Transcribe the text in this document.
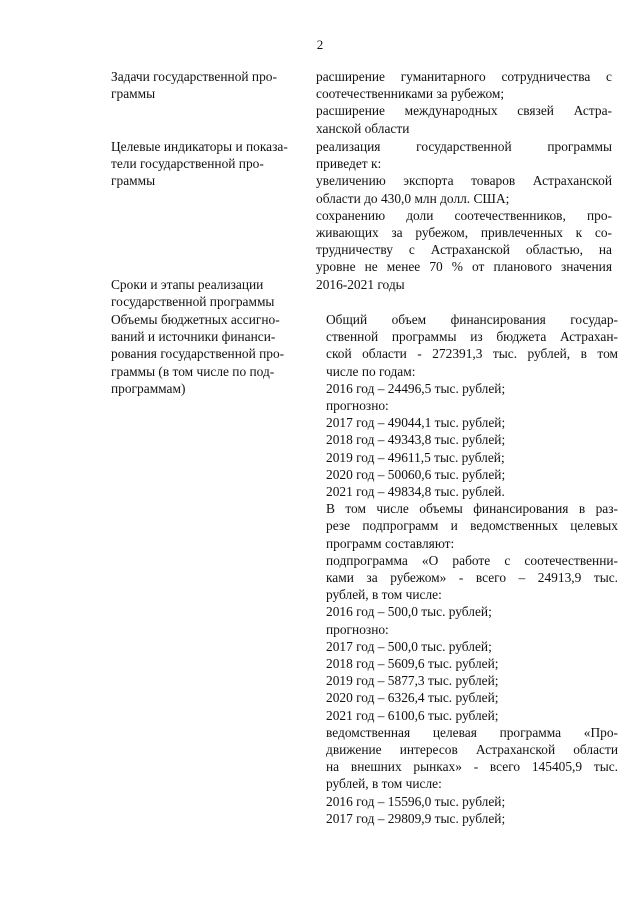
2
Задачи государственной про-
граммы
расширение гуманитарного сотрудничества с
соотечественниками за рубежом;
расширение международных связей Астра-
ханской области
Целевые индикаторы и показа-
тели государственной про-
граммы
реализация государственной программы
приведет к:
увеличению экспорта товаров Астраханской
области до 430,0 млн долл. США;
сохранению доли соотечественников, про-
живающих за рубежом, привлеченных к со-
трудничеству с Астраханской областью, на
уровне не менее 70 % от планового значения
Сроки и этапы реализации
государственной программы
2016-2021 годы
Объемы бюджетных ассигно-
ваний и источники финанси-
рования государственной про-
граммы (в том числе по под-
программам)
Общий объем финансирования государ-
ственной программы из бюджета Астрахан-
ской области - 272391,3 тыс. рублей, в том
числе по годам:
2016 год – 24496,5 тыс. рублей;
прогнозно:
2017 год – 49044,1 тыс. рублей;
2018 год – 49343,8 тыс. рублей;
2019 год – 49611,5 тыс. рублей;
2020 год – 50060,6 тыс. рублей;
2021 год – 49834,8 тыс. рублей.
В том числе объемы финансирования в раз-
резе подпрограмм и ведомственных целевых
программ составляют:
подпрограмма «О работе с соотечественни-
ками за рубежом» - всего – 24913,9 тыс.
рублей, в том числе:
2016 год – 500,0 тыс. рублей;
прогнозно:
2017 год – 500,0 тыс. рублей;
2018 год – 5609,6 тыс. рублей;
2019 год – 5877,3 тыс. рублей;
2020 год – 6326,4 тыс. рублей;
2021 год – 6100,6 тыс. рублей;
ведомственная целевая программа «Про-
движение интересов Астраханской области
на внешних рынках» - всего 145405,9 тыс.
рублей, в том числе:
2016 год – 15596,0 тыс. рублей;
2017 год – 29809,9 тыс. рублей;
